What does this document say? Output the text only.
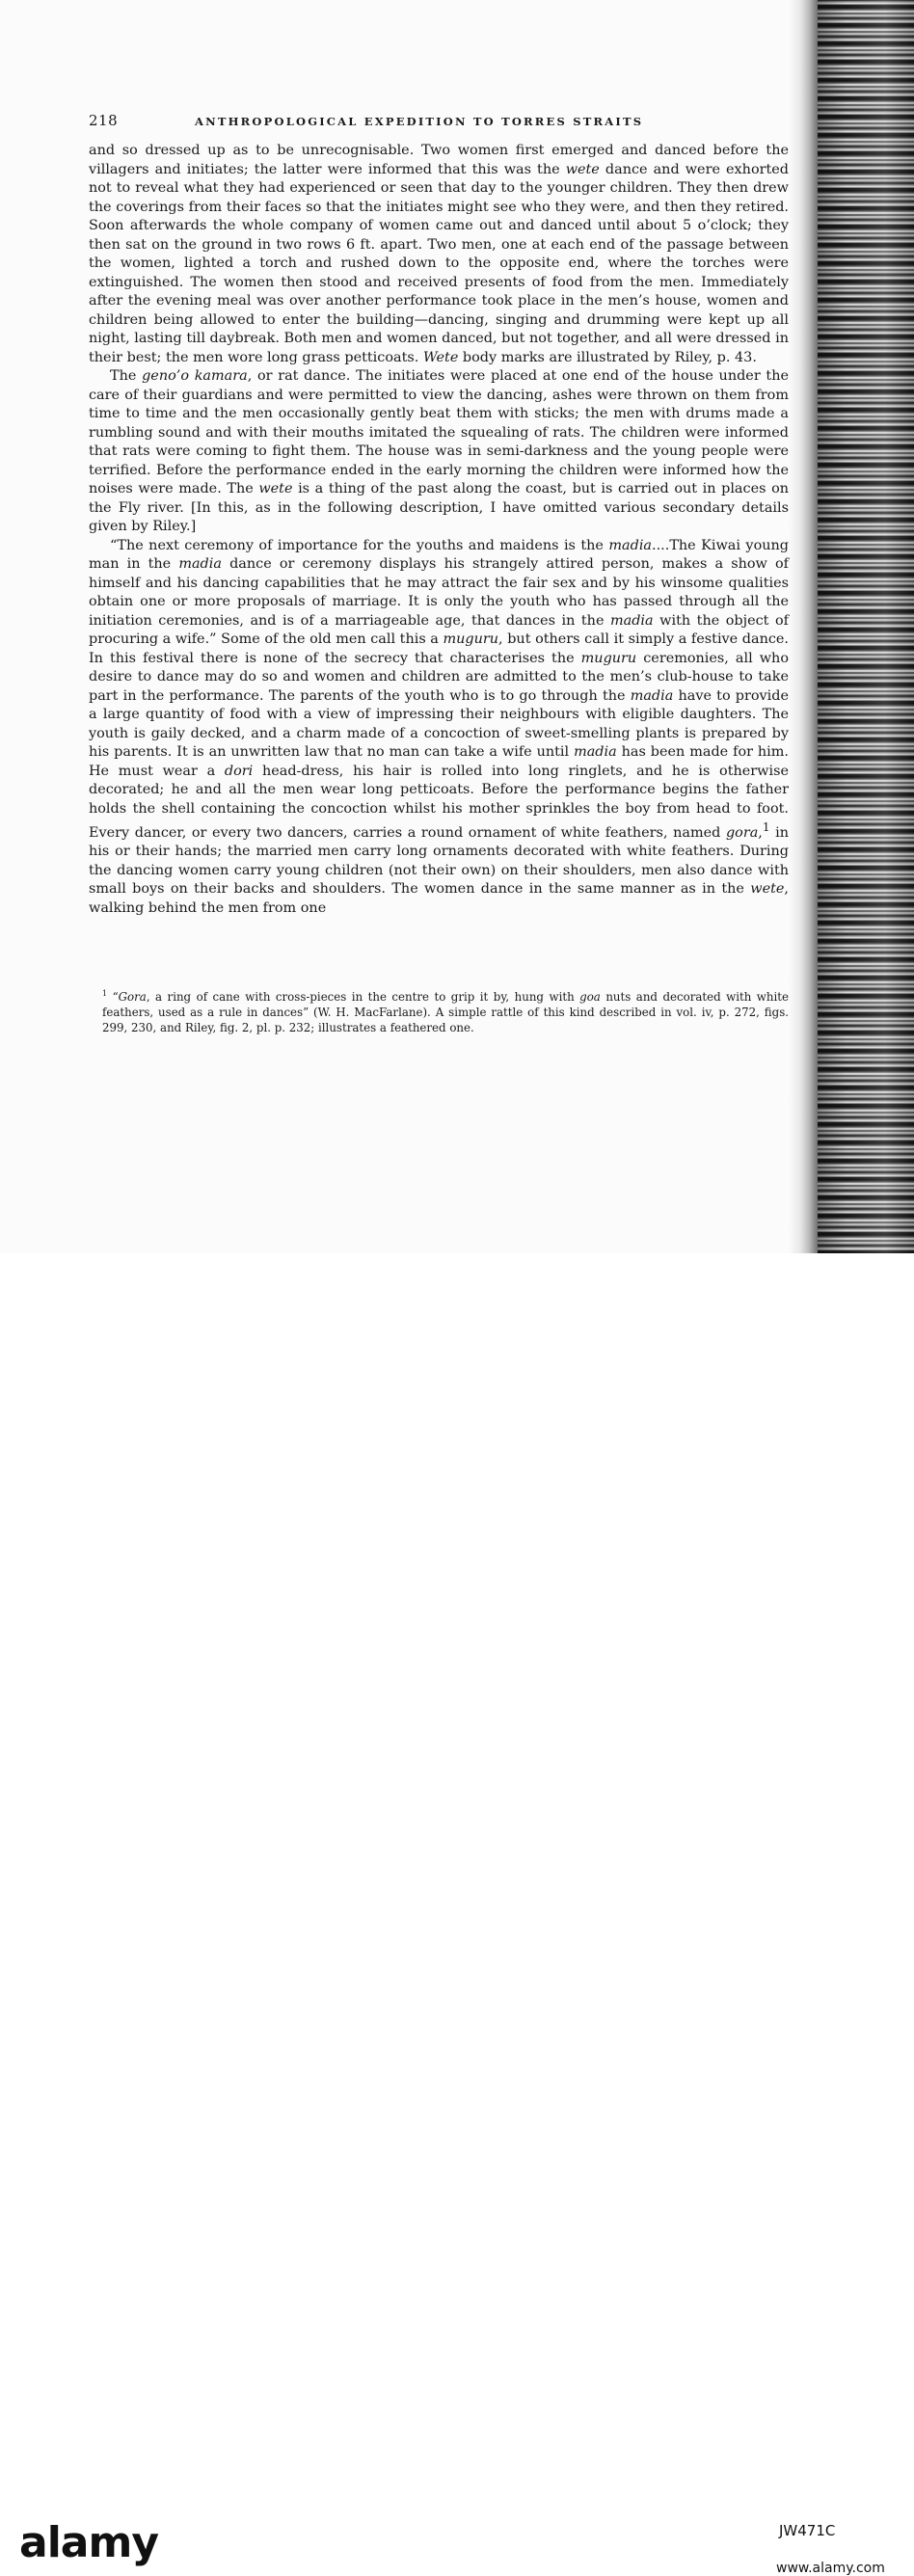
218	ANTHROPOLOGICAL EXPEDITION TO TORRES STRAITS

and so dressed up as to be unrecognisable. Two women first emerged and danced before the villagers and initiates; the latter were informed that this was the wete dance and were exhorted not to reveal what they had experienced or seen that day to the younger children. They then drew the coverings from their faces so that the initiates might see who they were, and then they retired. Soon afterwards the whole company of women came out and danced until about 5 o’clock; they then sat on the ground in two rows 6 ft. apart. Two men, one at each end of the passage between the women, lighted a torch and rushed down to the opposite end, where the torches were extinguished. The women then stood and received presents of food from the men. Immediately after the evening meal was over another performance took place in the men’s house, women and children being allowed to enter the building—dancing, singing and drumming were kept up all night, lasting till daybreak. Both men and women danced, but not together, and all were dressed in their best; the men wore long grass petticoats. Wete body marks are illustrated by Riley, p. 43.

The geno’o kamara, or rat dance. The initiates were placed at one end of the house under the care of their guardians and were permitted to view the dancing, ashes were thrown on them from time to time and the men occasionally gently beat them with sticks; the men with drums made a rumbling sound and with their mouths imitated the squealing of rats. The children were informed that rats were coming to fight them. The house was in semi-darkness and the young people were terrified. Before the performance ended in the early morning the children were informed how the noises were made. The wete is a thing of the past along the coast, but is carried out in places on the Fly river. [In this, as in the following description, I have omitted various secondary details given by Riley.]

“The next ceremony of importance for the youths and maidens is the madia....The Kiwai young man in the madia dance or ceremony displays his strangely attired person, makes a show of himself and his dancing capabilities that he may attract the fair sex and by his winsome qualities obtain one or more proposals of marriage. It is only the youth who has passed through all the initiation ceremonies, and is of a marriageable age, that dances in the madia with the object of procuring a wife.” Some of the old men call this a muguru, but others call it simply a festive dance. In this festival there is none of the secrecy that characterises the muguru ceremonies, all who desire to dance may do so and women and children are admitted to the men’s club-house to take part in the performance. The parents of the youth who is to go through the madia have to provide a large quantity of food with a view of impressing their neighbours with eligible daughters. The youth is gaily decked, and a charm made of a concoction of sweet-smelling plants is prepared by his parents. It is an unwritten law that no man can take a wife until madia has been made for him. He must wear a dori head-dress, his hair is rolled into long ringlets, and he is otherwise decorated; he and all the men wear long petticoats. Before the performance begins the father holds the shell containing the concoction whilst his mother sprinkles the boy from head to foot. Every dancer, or every two dancers, carries a round ornament of white feathers, named gora,$^1$ in his or their hands; the married men carry long ornaments decorated with white feathers. During the dancing women carry young children (not their own) on their shoulders, men also dance with small boys on their backs and shoulders. The women dance in the same manner as in the wete, walking behind the men from one

$^1$ “Gora, a ring of cane with cross-pieces in the centre to grip it by, hung with goa nuts and decorated with white feathers, used as a rule in dances” (W. H. MacFarlane). A simple rattle of this kind described in vol. iv, p. 272, figs. 299, 230, and Riley, fig. 2, pl. p. 232; illustrates a feathered one.
alamy	JW471C
www.alamy.com
